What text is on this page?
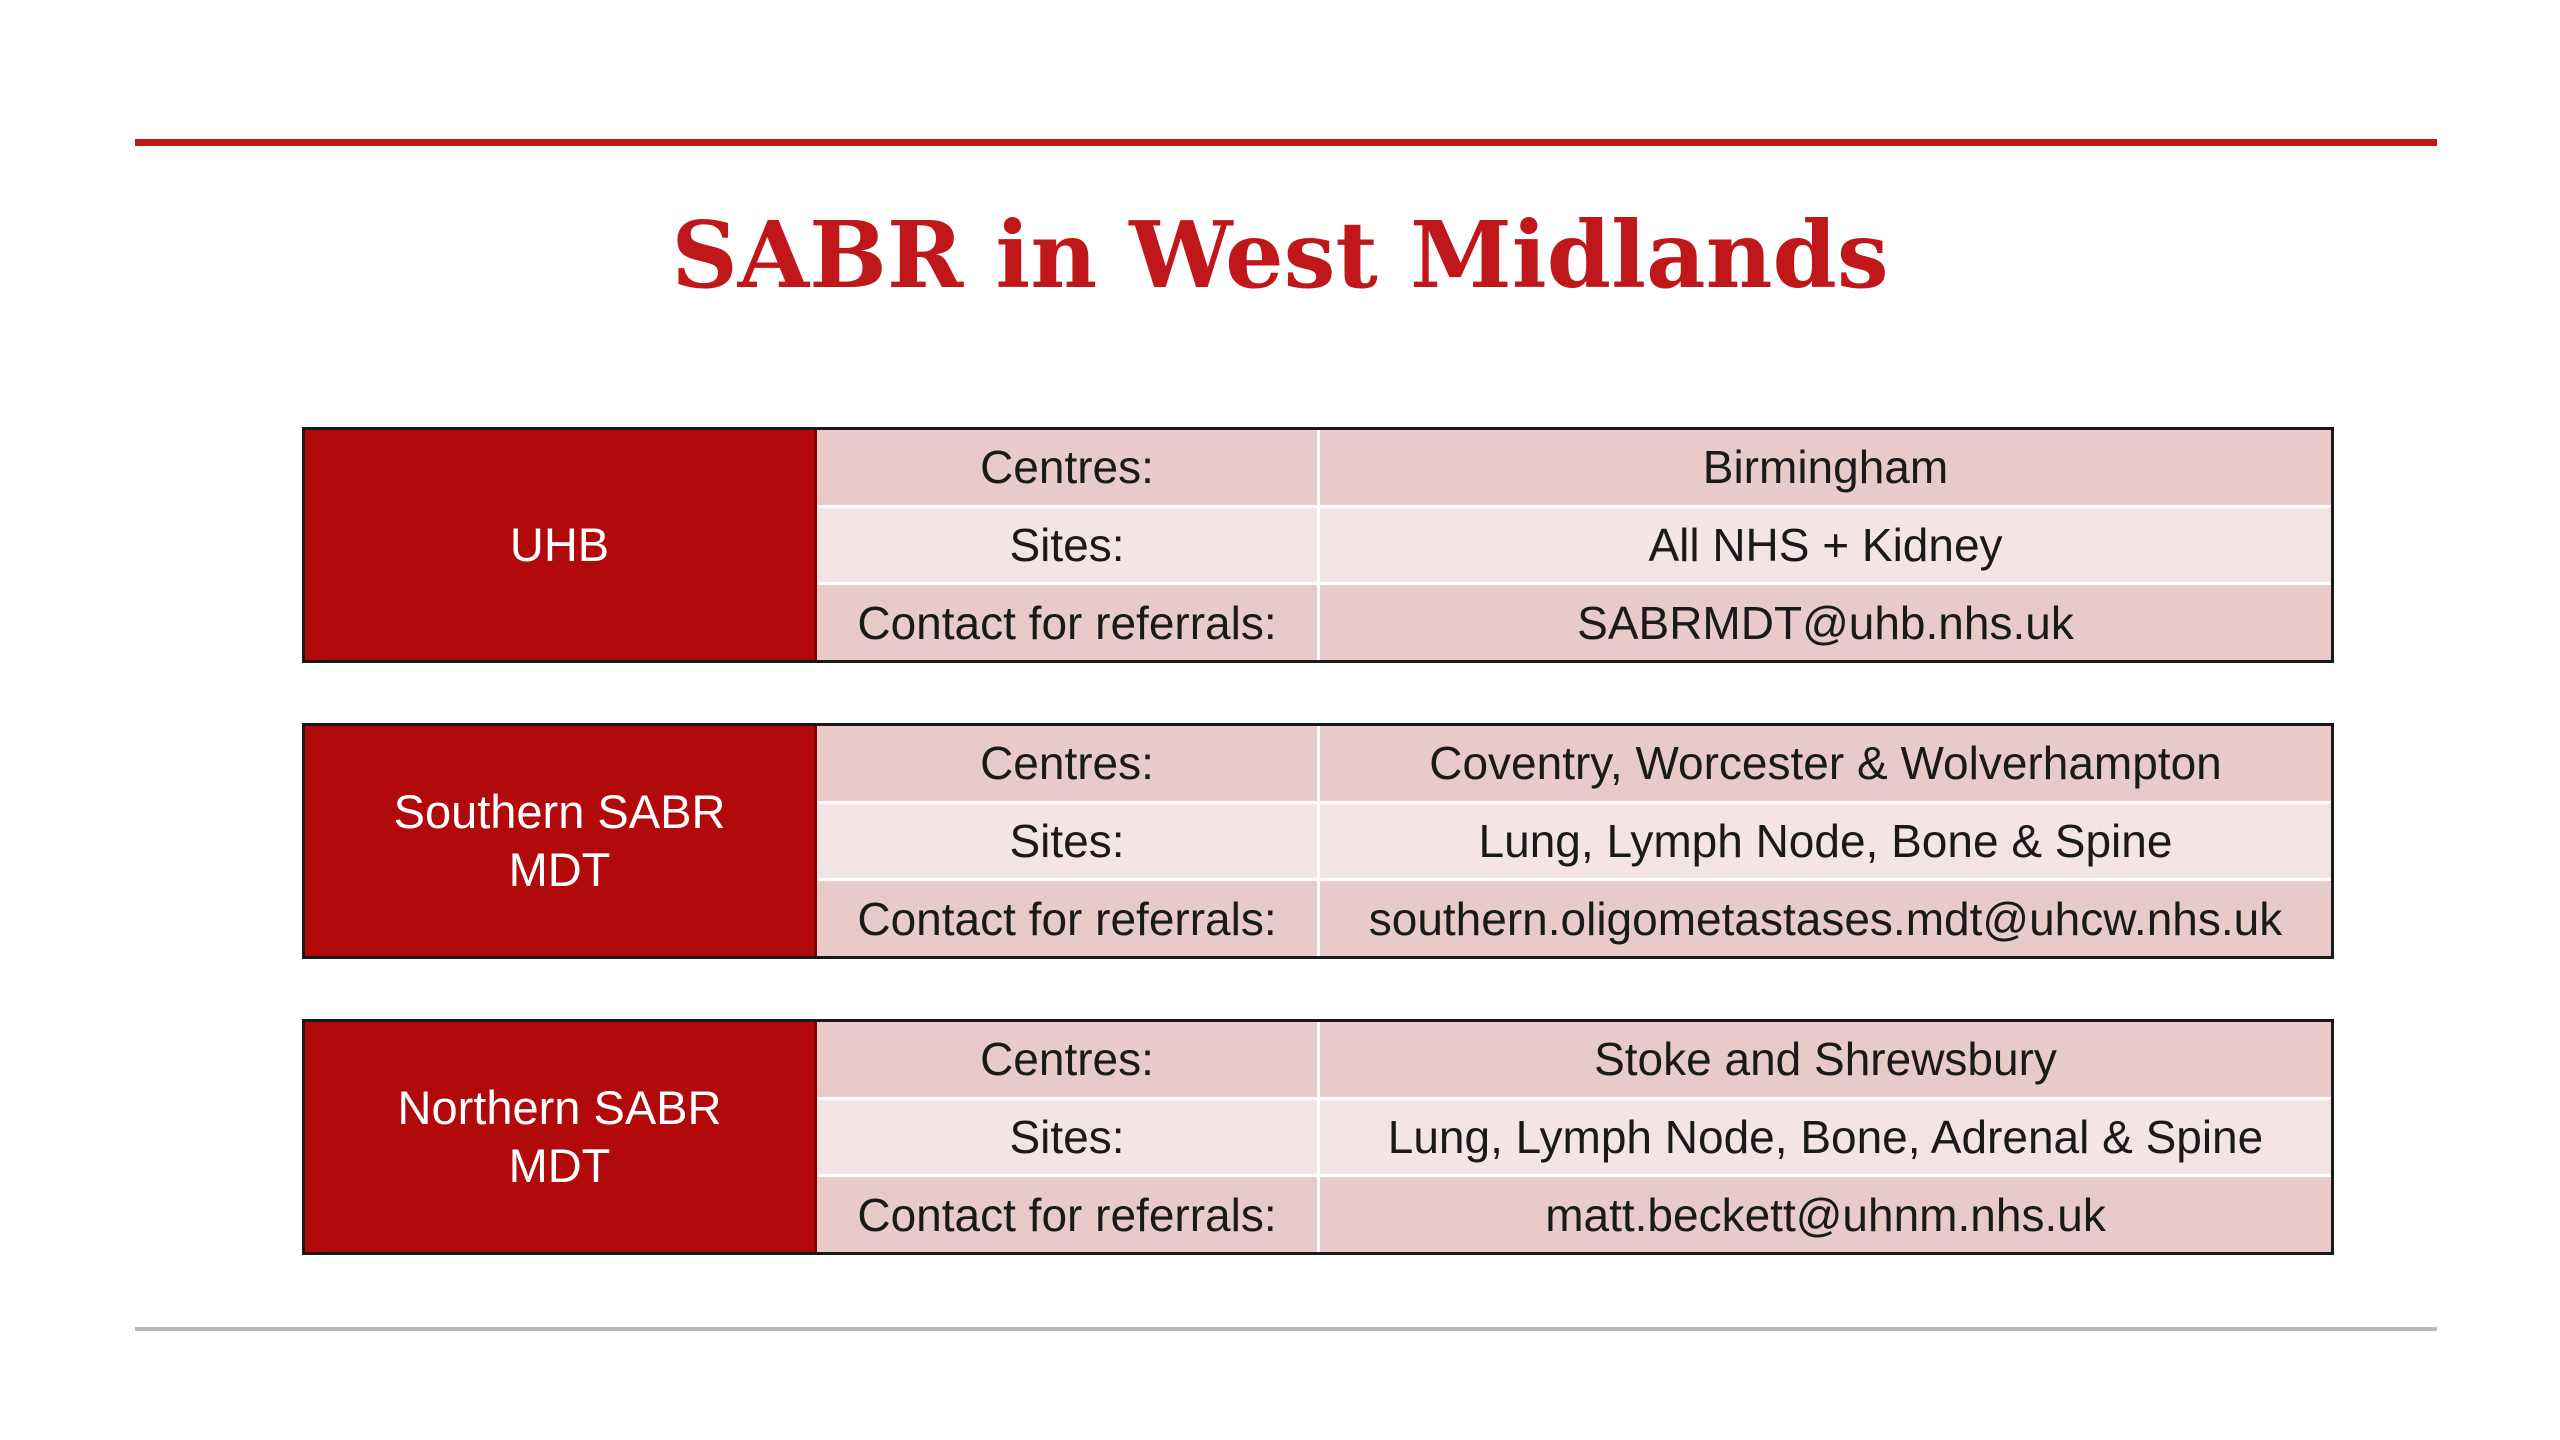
SABR in West Midlands
UHB
Centres:	Birmingham
Sites:	All NHS + Kidney
Contact for referrals:	SABRMDT@uhb.nhs.uk
Southern SABR MDT
Centres:	Coventry, Worcester & Wolverhampton
Sites:	Lung, Lymph Node, Bone & Spine
Contact for referrals:	southern.oligometastases.mdt@uhcw.nhs.uk
Northern SABR MDT
Centres:	Stoke and Shrewsbury
Sites:	Lung, Lymph Node, Bone, Adrenal & Spine
Contact for referrals:	matt.beckett@uhnm.nhs.uk
